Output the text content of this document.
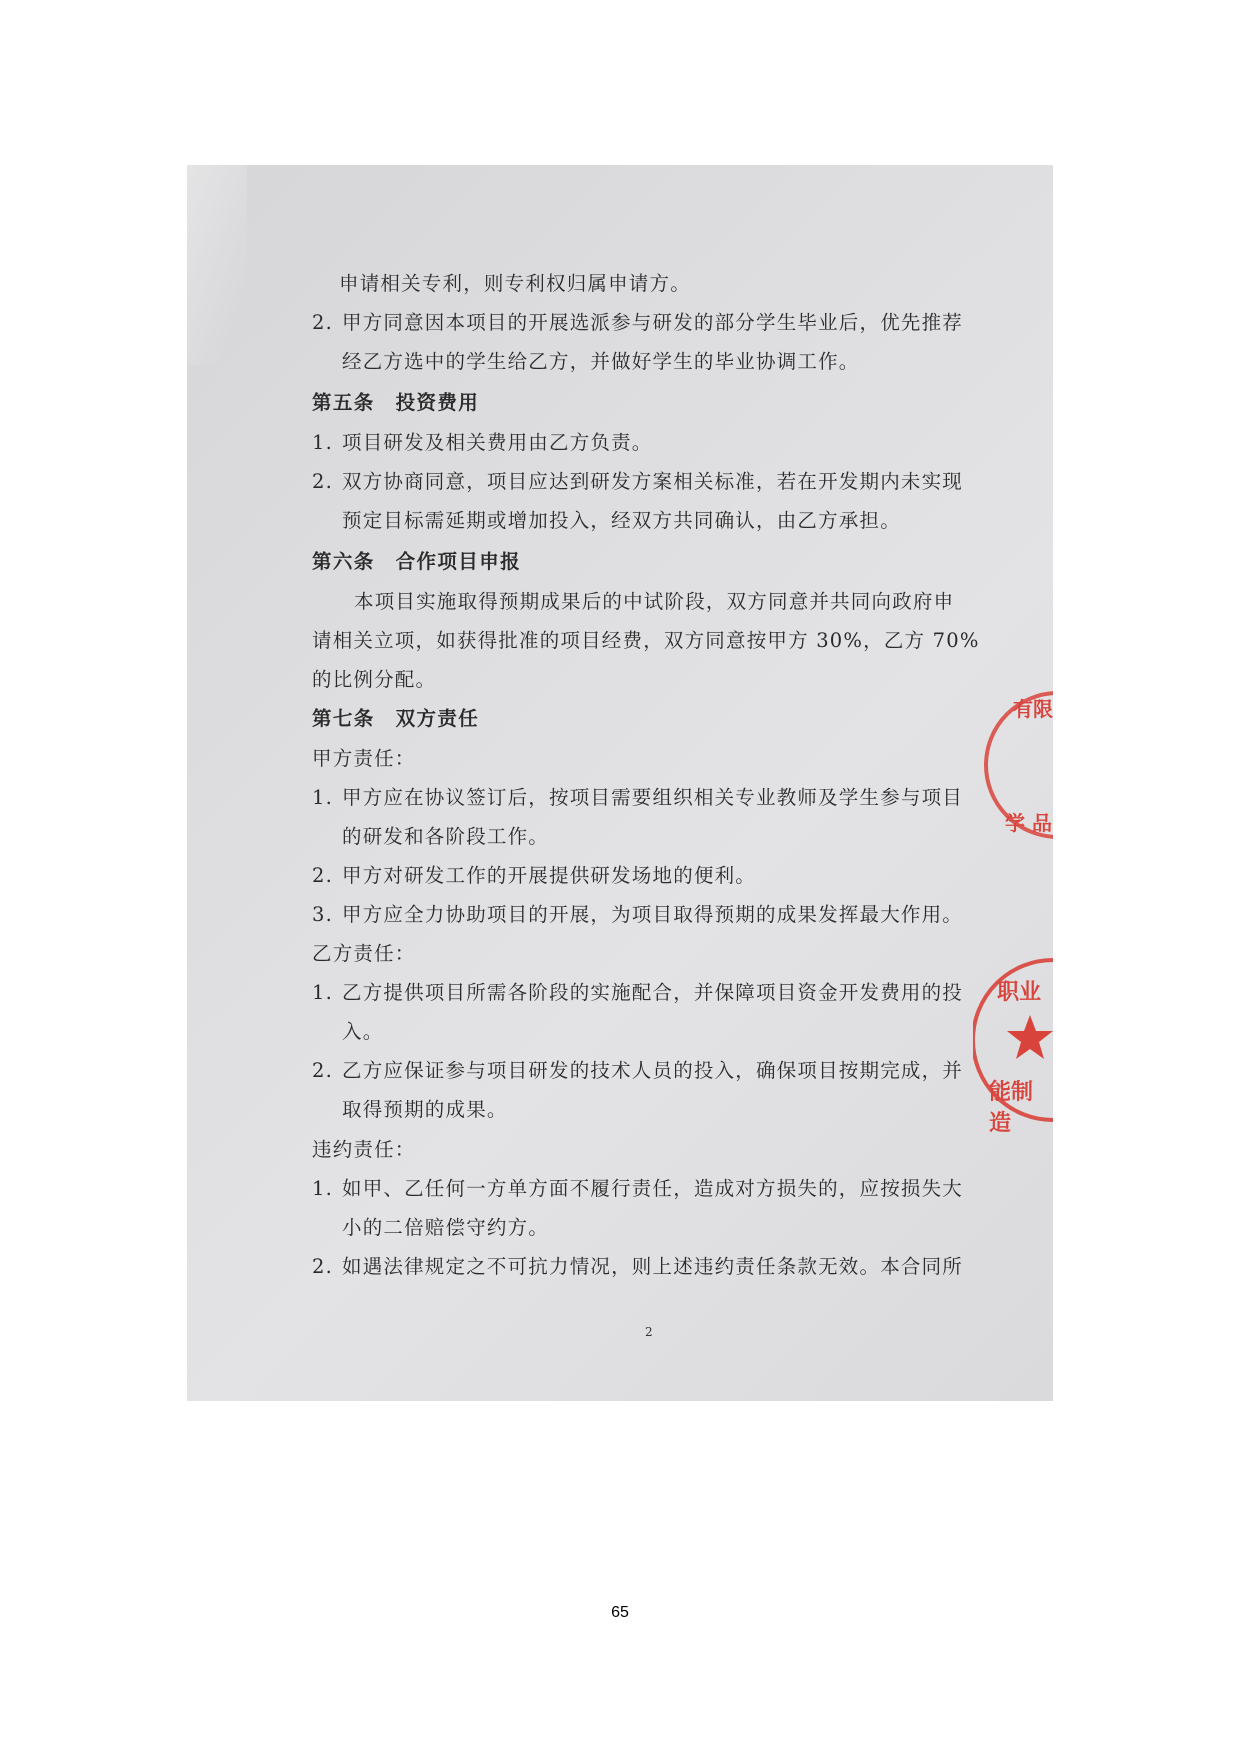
申请相关专利，则专利权归属申请方。
2. 甲方同意因本项目的开展选派参与研发的部分学生毕业后，优先推荐
经乙方选中的学生给乙方，并做好学生的毕业协调工作。
第五条　投资费用
1. 项目研发及相关费用由乙方负责。
2. 双方协商同意，项目应达到研发方案相关标准，若在开发期内未实现
预定目标需延期或增加投入，经双方共同确认，由乙方承担。
第六条　合作项目申报
本项目实施取得预期成果后的中试阶段，双方同意并共同向政府申
请相关立项，如获得批准的项目经费，双方同意按甲方 30%，乙方 70%
的比例分配。
第七条　双方责任
甲方责任：
1. 甲方应在协议签订后，按项目需要组织相关专业教师及学生参与项目
的研发和各阶段工作。
2. 甲方对研发工作的开展提供研发场地的便利。
3. 甲方应全力协助项目的开展，为项目取得预期的成果发挥最大作用。
乙方责任：
1. 乙方提供项目所需各阶段的实施配合，并保障项目资金开发费用的投
入。
2. 乙方应保证参与项目研发的技术人员的投入，确保项目按期完成，并
取得预期的成果。
违约责任：
1. 如甲、乙任何一方单方面不履行责任，造成对方损失的，应按损失大
小的二倍赔偿守约方。
2. 如遇法律规定之不可抗力情况，则上述违约责任条款无效。本合同所
2
有限
学 品
职业
能制造
65
